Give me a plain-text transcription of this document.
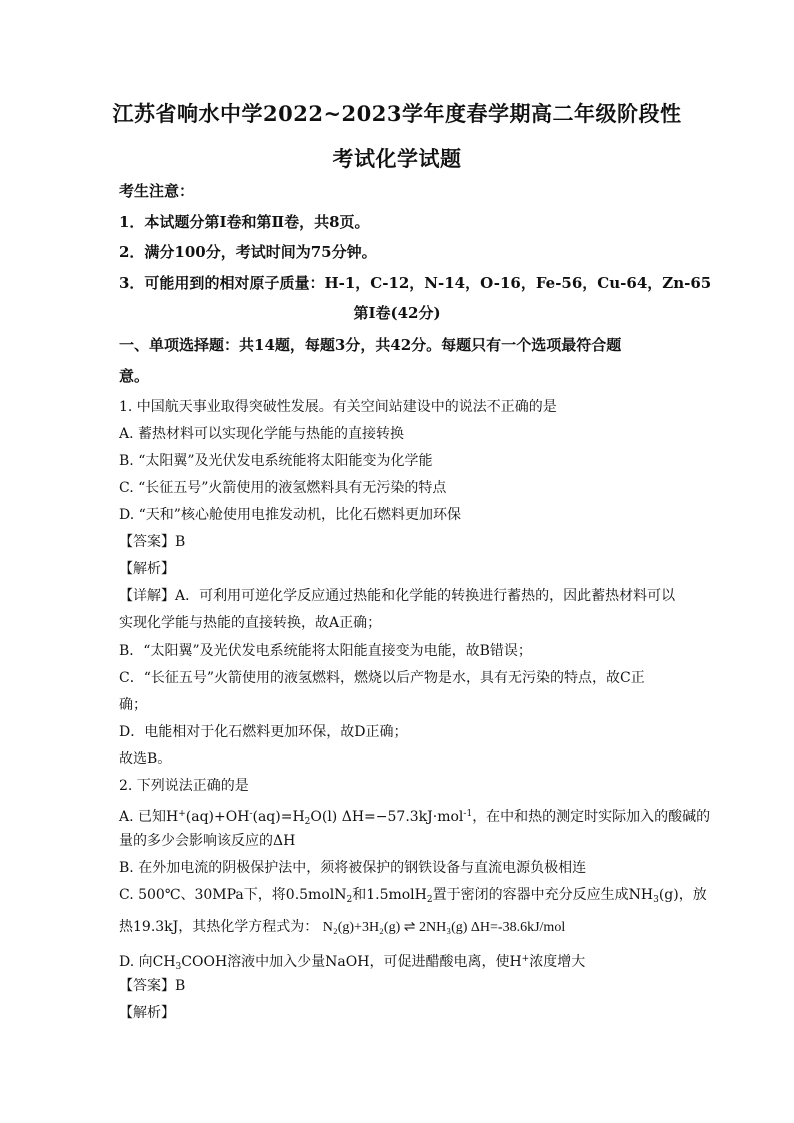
江苏省响水中学2022~2023学年度春学期高二年级阶段性
考试化学试题
考生注意：
1．本试题分第Ⅰ卷和第Ⅱ卷，共8页。
2．满分100分，考试时间为75分钟。
3．可能用到的相对原子质量：H-1，C-12，N-14，O-16，Fe-56，Cu-64，Zn-65
第Ⅰ卷(42分)
一、单项选择题：共14题，每题3分，共42分。每题只有一个选项最符合题
意。
1. 中国航天事业取得突破性发展。有关空间站建设中的说法不正确的是
A. 蓄热材料可以实现化学能与热能的直接转换
B. “太阳翼”及光伏发电系统能将太阳能变为化学能
C. “长征五号”火箭使用的液氢燃料具有无污染的特点
D. “天和”核心舱使用电推发动机，比化石燃料更加环保
【答案】B
【解析】
【详解】A．可利用可逆化学反应通过热能和化学能的转换进行蓄热的，因此蓄热材料可以
实现化学能与热能的直接转换，故A正确；
B．“太阳翼”及光伏发电系统能将太阳能直接变为电能，故B错误；
C．“长征五号”火箭使用的液氢燃料，燃烧以后产物是水，具有无污染的特点，故C正
确；
D．电能相对于化石燃料更加环保，故D正确；
故选B。
2. 下列说法正确的是
A. 已知$H^+(aq)+OH^-(aq)=H_2O(l)$ ΔH=−57.3kJ·mol$^{-1}$，在中和热的测定时实际加入的酸碱的
量的多少会影响该反应的ΔH
B. 在外加电流的阴极保护法中，须将被保护的钢铁设备与直流电源负极相连
C. 500℃、30MPa下，将0.5molN$_2$和1.5molH$_2$置于密闭的容器中充分反应生成$NH_3(g)$，放
热19.3kJ，其热化学方程式为： N₂(g)+3H₂(g) ⇌ 2NH₃(g) ΔH=-38.6kJ/mol
D. 向$CH_3COOH$溶液中加入少量NaOH，可促进醋酸电离，使H+浓度增大
【答案】B
【解析】
